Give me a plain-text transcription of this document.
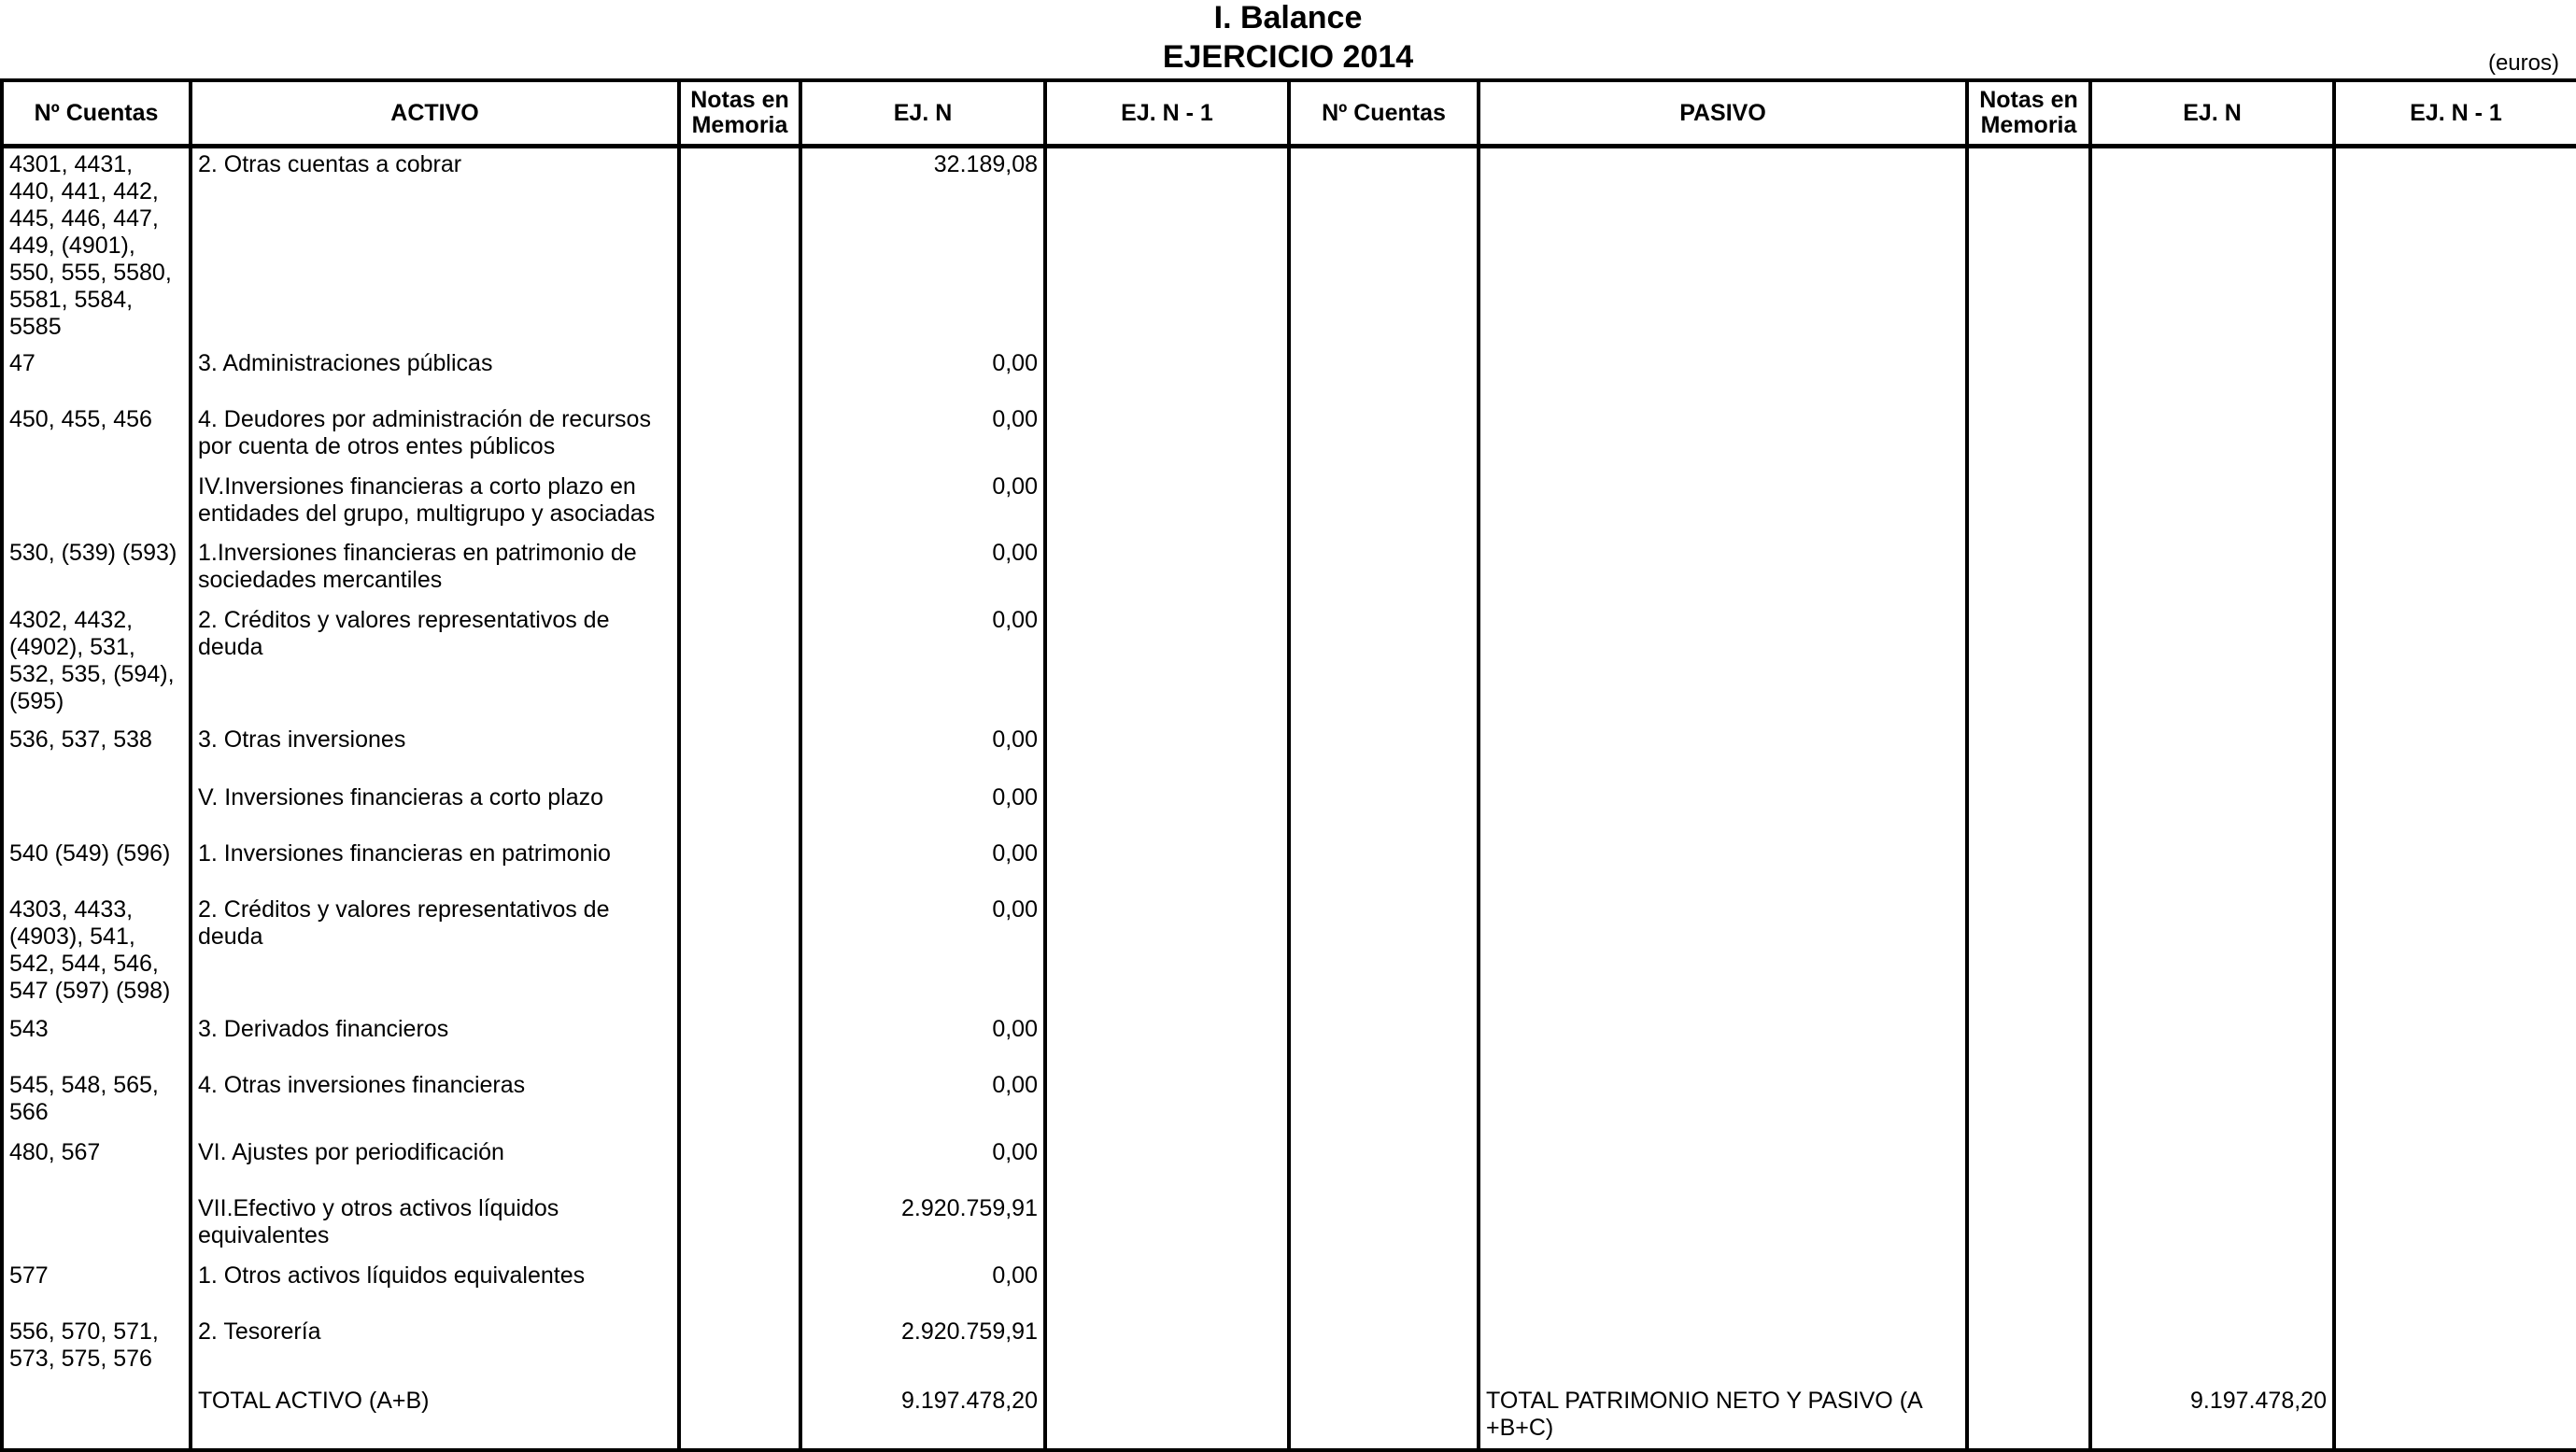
I. Balance
EJERCICIO 2014	(euros)
Nº Cuentas	ACTIVO	Notas en Memoria	EJ. N	EJ. N - 1	Nº Cuentas	PASIVO	Notas en Memoria	EJ. N	EJ. N - 1
4301, 4431, 440, 441, 442, 445, 446, 447, 449, (4901), 550, 555, 5580, 5581, 5584, 5585	2. Otras cuentas a cobrar		32.189,08						
47	3. Administraciones públicas		0,00						
450, 455, 456	4. Deudores por administración de recursos por cuenta de otros entes públicos		0,00						
	IV.Inversiones financieras a corto plazo en entidades del grupo, multigrupo y asociadas		0,00						
530, (539) (593)	1.Inversiones financieras en patrimonio de sociedades mercantiles		0,00						
4302, 4432, (4902), 531, 532, 535, (594), (595)	2. Créditos y valores representativos de deuda		0,00						
536, 537, 538	3. Otras inversiones		0,00						
	V. Inversiones financieras a corto plazo		0,00						
540 (549) (596)	1. Inversiones financieras en patrimonio		0,00						
4303, 4433, (4903), 541, 542, 544, 546, 547 (597) (598)	2. Créditos y valores representativos de deuda		0,00						
543	3. Derivados financieros		0,00						
545, 548, 565, 566	4. Otras inversiones financieras		0,00						
480, 567	VI. Ajustes por periodificación		0,00						
	VII.Efectivo y otros activos líquidos equivalentes		2.920.759,91						
577	1. Otros activos líquidos equivalentes		0,00						
556, 570, 571, 573, 575, 576	2. Tesorería		2.920.759,91						
	TOTAL ACTIVO (A+B)		9.197.478,20			TOTAL PATRIMONIO NETO Y PASIVO (A +B+C)		9.197.478,20	
